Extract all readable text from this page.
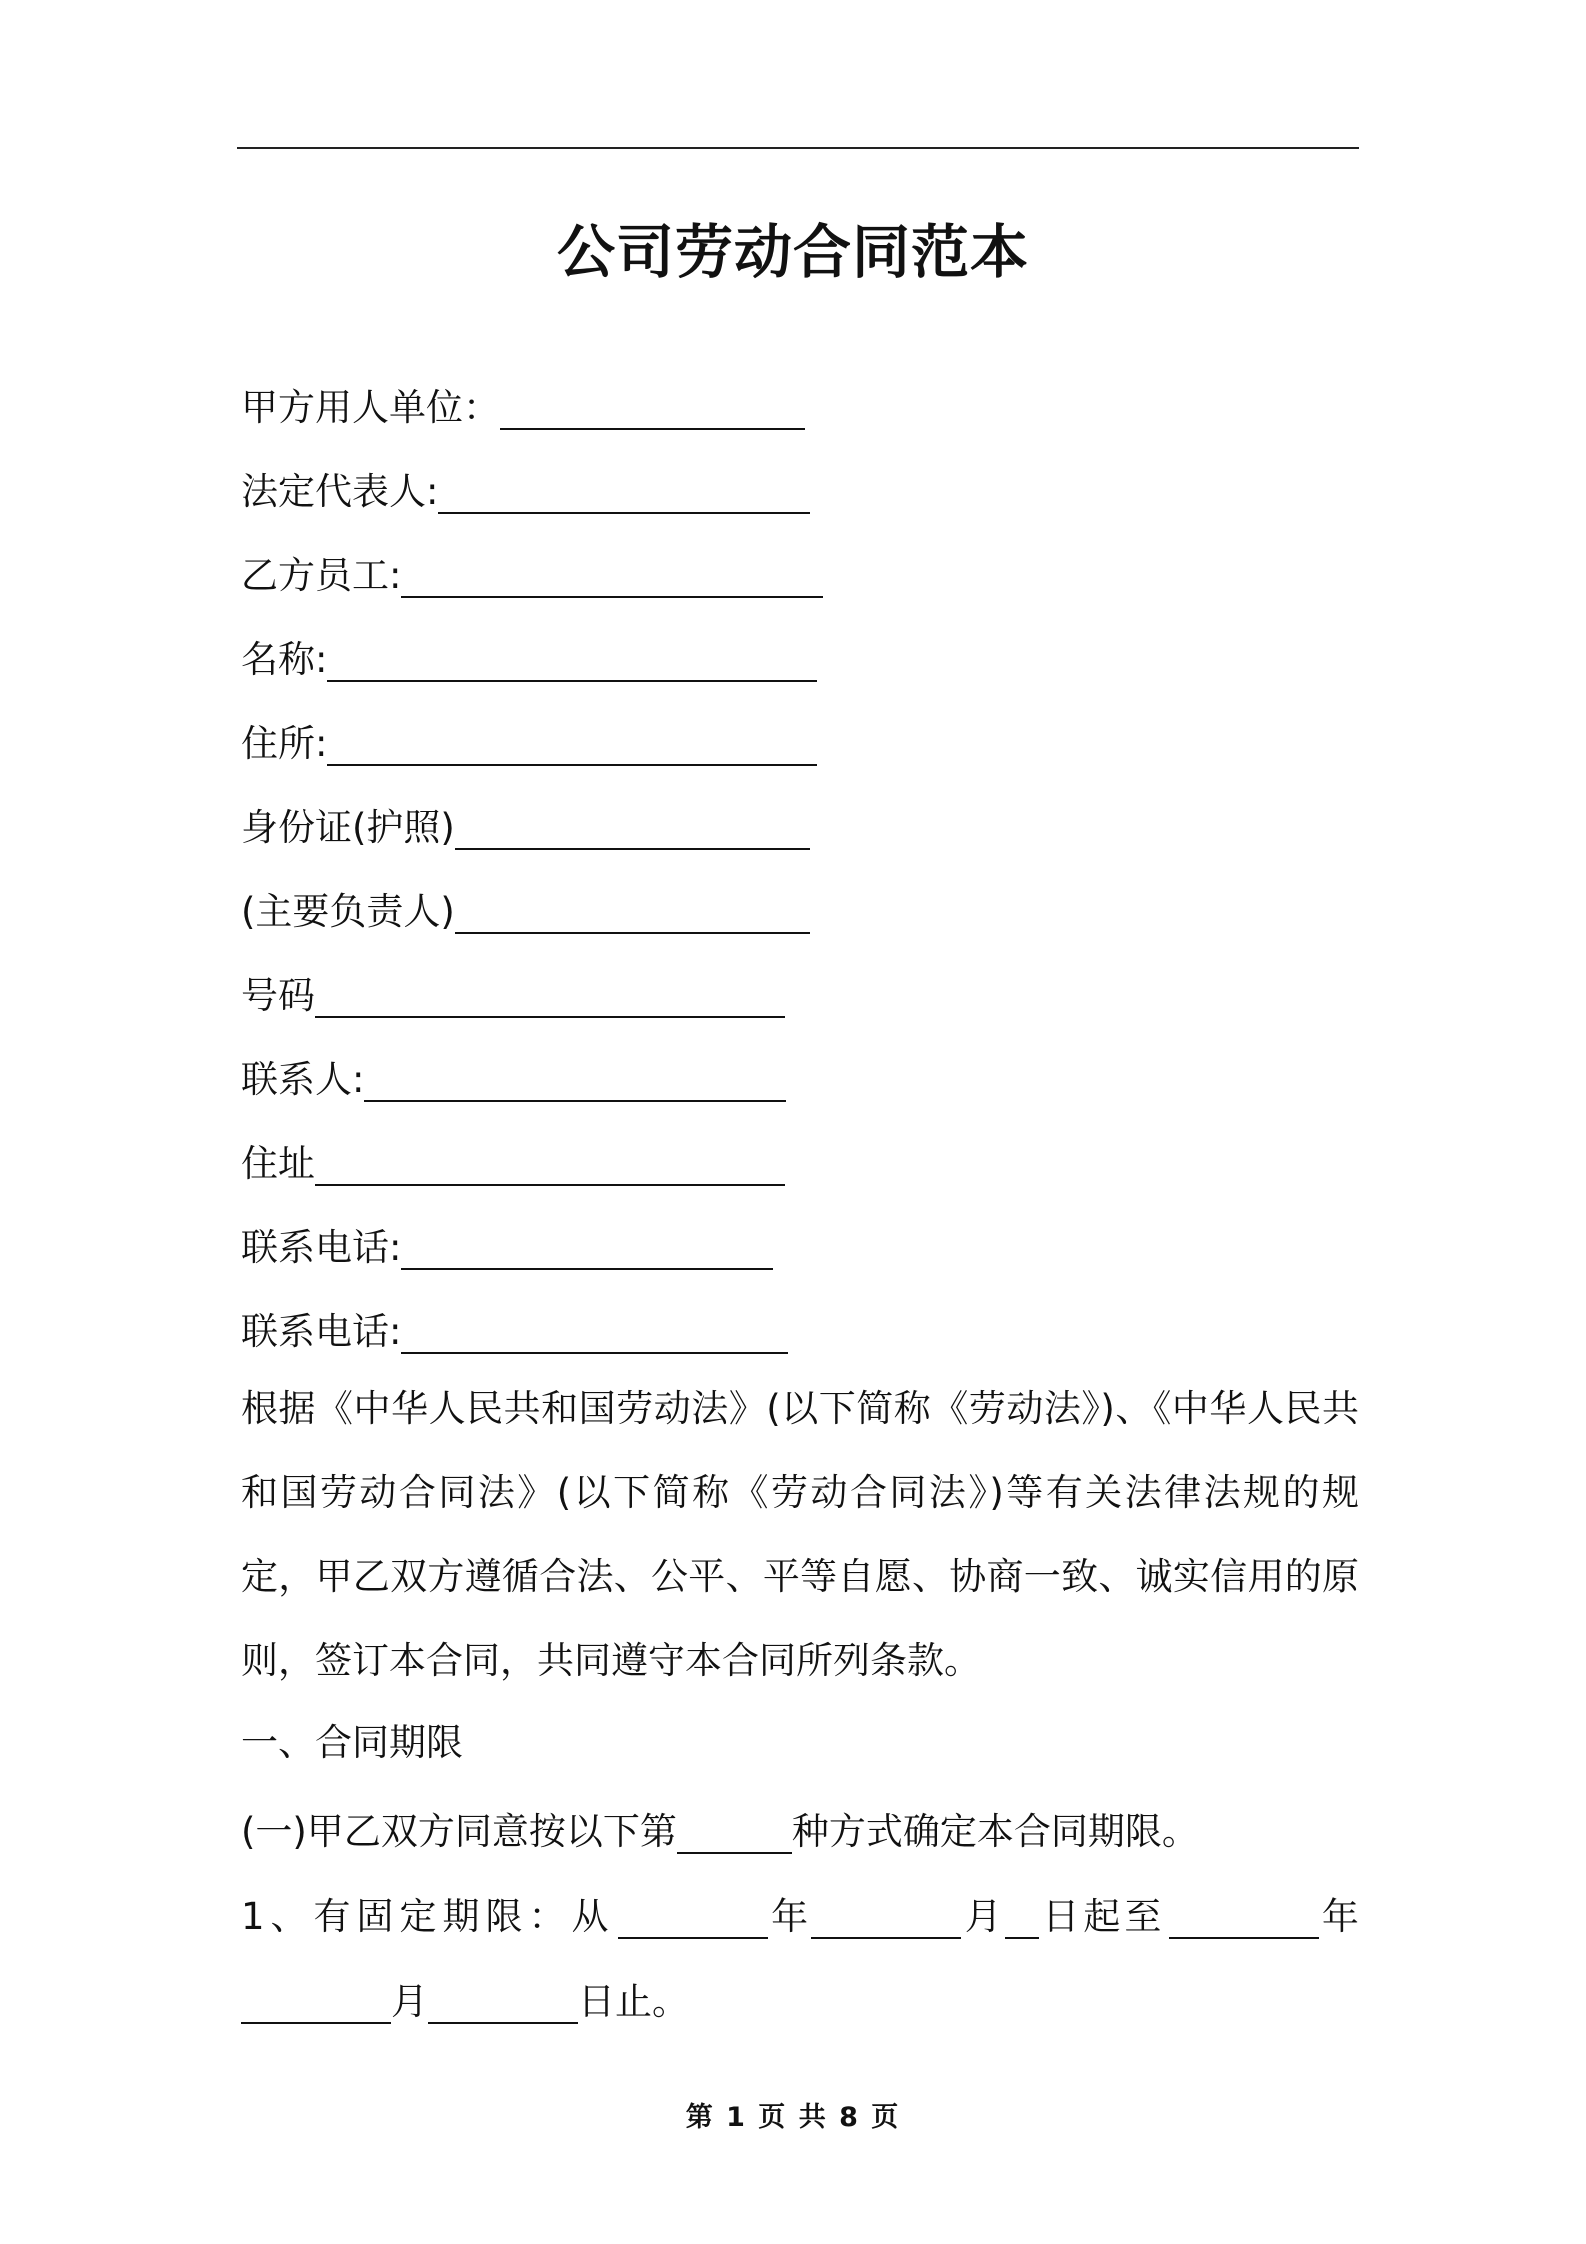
公司劳动合同范本
甲方用人单位：
法定代表人:
乙方员工:
名称:
住所:
身份证(护照)
(主要负责人)
号码
联系人:
住址
联系电话:
联系电话:
根据《中华人民共和国劳动法》(以下简称《劳动法》)、《中华人民共和国劳动合同法》(以下简称《劳动合同法》)等有关法律法规的规定，甲乙双方遵循合法、公平、平等自愿、协商一致、诚实信用的原则，签订本合同，共同遵守本合同所列条款。
一、合同期限
(一)甲乙双方同意按以下第	种方式确定本合同期限。
1、有固定期限：从	年	月 日起至	年
月	日止。
第 1 页 共 8 页
